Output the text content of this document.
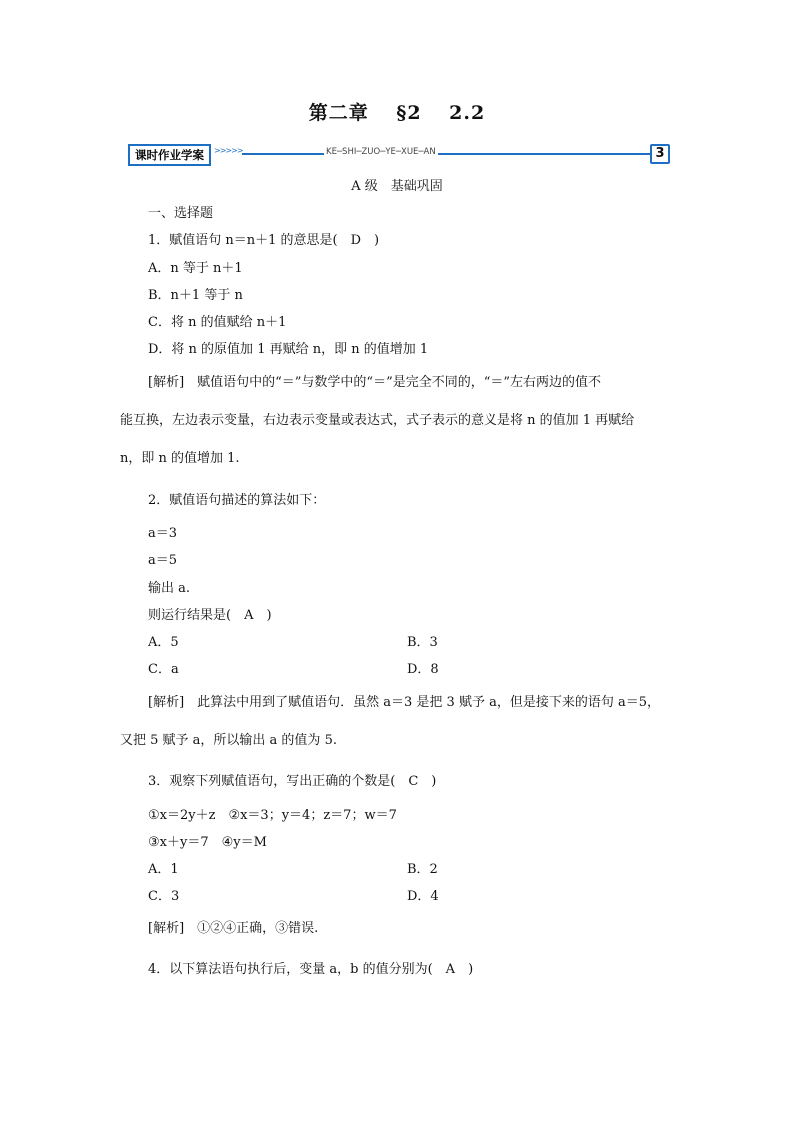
第二章 §2 2.2
课时作业学案	>>>>>	KE─SHI─ZUO─YE─XUE─AN	3
A 级　基础巩固
一、选择题
1．赋值语句 n＝n＋1 的意思是(　D　)
A．n 等于 n＋1
B．n＋1 等于 n
C．将 n 的值赋给 n＋1
D．将 n 的原值加 1 再赋给 n，即 n 的值增加 1
[解析]　赋值语句中的“＝”与数学中的“＝”是完全不同的，“＝”左右两边的值不
能互换，左边表示变量，右边表示变量或表达式，式子表示的意义是将 n 的值加 1 再赋给
n，即 n 的值增加 1.
2．赋值语句描述的算法如下：
a＝3
a＝5
输出 a.
则运行结果是(　A　)
A．5	B．3
C．a	D．8
[解析]　此算法中用到了赋值语句．虽然 a＝3 是把 3 赋予 a，但是接下来的语句 a＝5，
又把 5 赋予 a，所以输出 a 的值为 5.
3．观察下列赋值语句，写出正确的个数是(　C　)
①x＝2y＋z　②x＝3；y＝4；z＝7；w＝7
③x＋y＝7　④y＝M
A．1	B．2
C．3	D．4
[解析]　①②④正确，③错误.
4．以下算法语句执行后，变量 a，b 的值分别为(　A　)
